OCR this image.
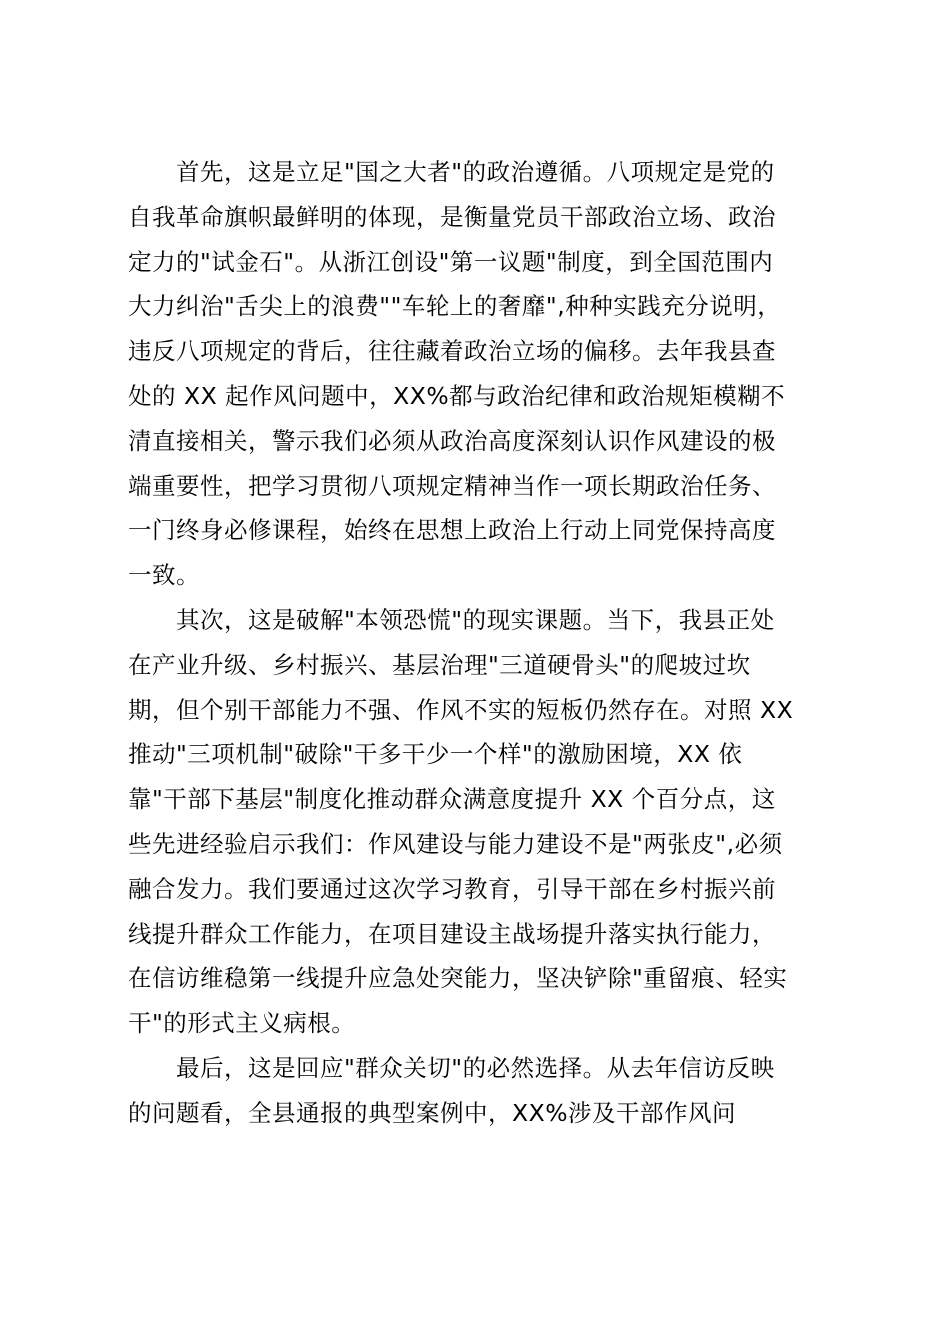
首先，这是立足"国之大者"的政治遵循。八项规定是党的
自我革命旗帜最鲜明的体现，是衡量党员干部政治立场、政治
定力的"试金石"。从浙江创设"第一议题"制度，到全国范围内
大力纠治"舌尖上的浪费""车轮上的奢靡",种种实践充分说明，
违反八项规定的背后，往往藏着政治立场的偏移。去年我县查
处的 XX 起作风问题中，XX%都与政治纪律和政治规矩模糊不
清直接相关，警示我们必须从政治高度深刻认识作风建设的极
端重要性，把学习贯彻八项规定精神当作一项长期政治任务、
一门终身必修课程，始终在思想上政治上行动上同党保持高度
一致。
其次，这是破解"本领恐慌"的现实课题。当下，我县正处
在产业升级、乡村振兴、基层治理"三道硬骨头"的爬坡过坎
期，但个别干部能力不强、作风不实的短板仍然存在。对照 XX
推动"三项机制"破除"干多干少一个样"的激励困境，XX 依
靠"干部下基层"制度化推动群众满意度提升 XX 个百分点，这
些先进经验启示我们：作风建设与能力建设不是"两张皮",必须
融合发力。我们要通过这次学习教育，引导干部在乡村振兴前
线提升群众工作能力，在项目建设主战场提升落实执行能力，
在信访维稳第一线提升应急处突能力，坚决铲除"重留痕、轻实
干"的形式主义病根。
最后，这是回应"群众关切"的必然选择。从去年信访反映
的问题看，全县通报的典型案例中，XX%涉及干部作风问
